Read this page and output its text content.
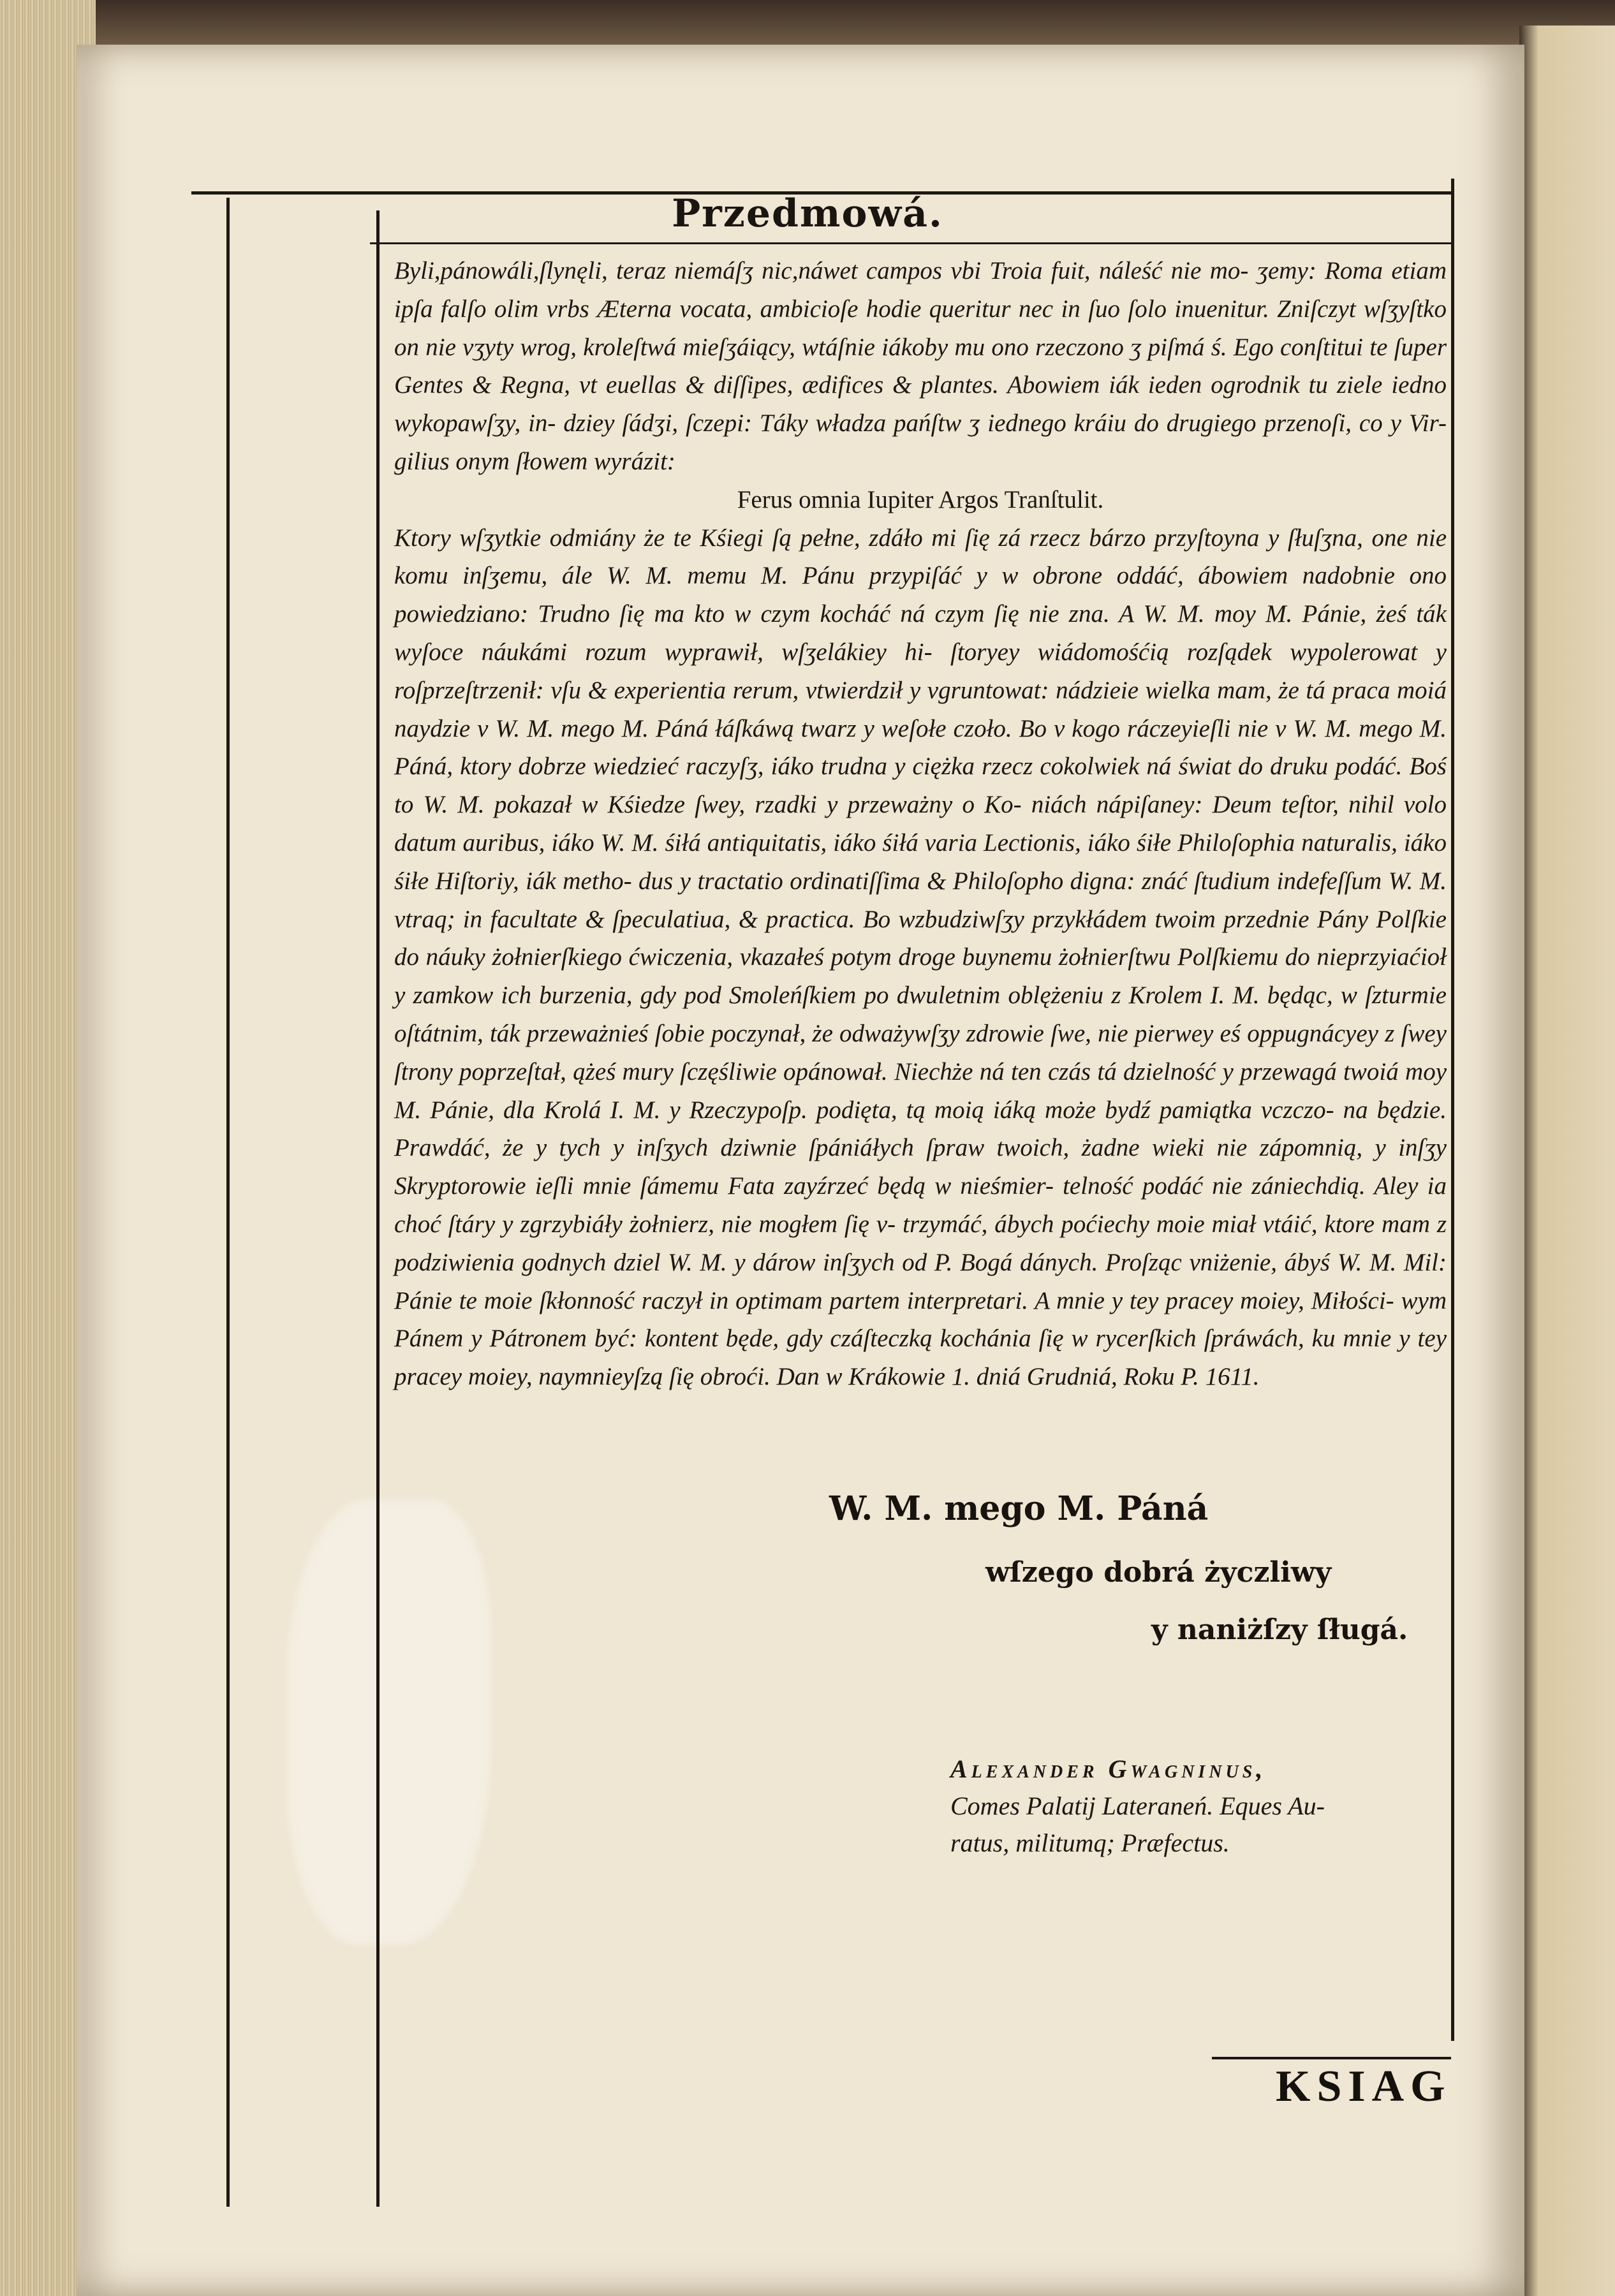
Przedmowá.

Byli,pánowáli,ſlynęli, teraz niemáſʒ nic,náwet campos vbi Troia fuit, náleść nie mo- ʒemy: Roma etiam ipſa falſo olim vrbs Æterna vocata, ambicioſe hodie queritur nec in ſuo ſolo inuenitur. Zniſczyt wſʒyſtko on nie vʒyty wrog, kroleſtwá mieſʒáiący, wtáſnie iákoby mu ono rzeczono ʒ piſmá ś. Ego conſtitui te ſuper Gentes & Regna, vt euellas & diſſipes, ædifices & plantes. Abowiem iák ieden ogrodnik tu ziele iedno wykopawſʒy, in- dziey ſádʒi, ſczepi: Táky władza pańſtw ʒ iednego kráiu do drugiego przenoſi, co y Vir- gilius onym ſłowem wyrázit:

Ferus omnia Iupiter Argos Tranſtulit.

Ktory wſʒytkie odmiány że te Kśiegi ſą pełne, zdáło mi ſię zá rzecz bárzo przyſtoyna y ſłuſʒna, one nie komu inſʒemu, ále W. M. memu M. Pánu przypiſáć y w obrone oddáć, ábowiem nadobnie ono powiedziano: Trudno ſię ma kto w czym kocháć ná czym ſię nie zna. A W. M. moy M. Pánie, żeś ták wyſoce náukámi rozum wyprawił, wſʒelákiey hi- ſtoryey wiádomośćią rozſądek wypolerowat y roſprzeſtrzenił: vſu & experientia rerum, vtwierdził y vgruntowat: nádzieie wielka mam, że tá praca moiá naydzie v W. M. mego M. Páná łáſkáwą twarz y weſołe czoło. Bo v kogo ráczeyieſli nie v W. M. mego M. Páná, ktory dobrze wiedzieć raczyſʒ, iáko trudna y ciężka rzecz cokolwiek ná świat do druku podáć. Boś to W. M. pokazał w Kśiedze ſwey, rzadki y przeważny o Ko- niách nápiſaney: Deum teſtor, nihil volo datum auribus, iáko W. M. śiłá antiquitatis, iáko śiłá varia Lectionis, iáko śiłe Philoſophia naturalis, iáko śiłe Hiſtoriy, iák metho- dus y tractatio ordinatiſſima & Philoſopho digna: znáć ſtudium indefeſſum W. M. vtraq; in facultate & ſpeculatiua, & practica. Bo wzbudziwſʒy przykłádem twoim przednie Pány Polſkie do náuky żołnierſkiego ćwiczenia, vkazałeś potym droge buynemu żołnierſtwu Polſkiemu do nieprzyiaćioł y zamkow ich burzenia, gdy pod Smoleńſkiem po dwuletnim oblężeniu z Krolem I. M. będąc, w ſzturmie oſtátnim, ták przeważnieś ſobie poczynał, że odważywſʒy zdrowie ſwe, nie pierwey eś oppugnácyey z ſwey ſtrony poprzeſtał, ążeś mury ſczęśliwie opánował. Niechże ná ten czás tá dzielność y przewagá twoiá moy M. Pánie, dla Krolá I. M. y Rzeczypoſp. podięta, tą moią iáką może bydź pamiątka vczczo- na będzie. Prawdáć, że y tych y inſʒych dziwnie ſpániáłych ſpraw twoich, żadne wieki nie zápomnią, y inſʒy Skryptorowie ieſli mnie ſámemu Fata zayźrzeć będą w nieśmier- telność podáć nie zániechdią. Aley ia choć ſtáry y zgrzybiáły żołnierz, nie mogłem ſię v- trzymáć, ábych poćiechy moie miał vtáić, ktore mam z podziwienia godnych dziel W. M. y dárow inſʒych od P. Bogá dánych. Proſząc vniżenie, ábyś W. M. Mil: Pánie te moie ſkłonność raczył in optimam partem interpretari. A mnie y tey pracey moiey, Miłości- wym Pánem y Pátronem być: kontent będe, gdy czáſteczką kochánia ſię w rycerſkich ſpráwách, ku mnie y tey pracey moiey, naymnieyſzą ſię obroći. Dan w Krákowie 1. dniá Grudniá, Roku P. 1611.

W. M. mego M. Páná
wſzego dobrá życzliwy
y naniżſzy ſługá.
Alexander Gwagninus,
Comes Palatij Lateraneń. Eques Au-
ratus, militumq; Præfectus.
KSIAG
